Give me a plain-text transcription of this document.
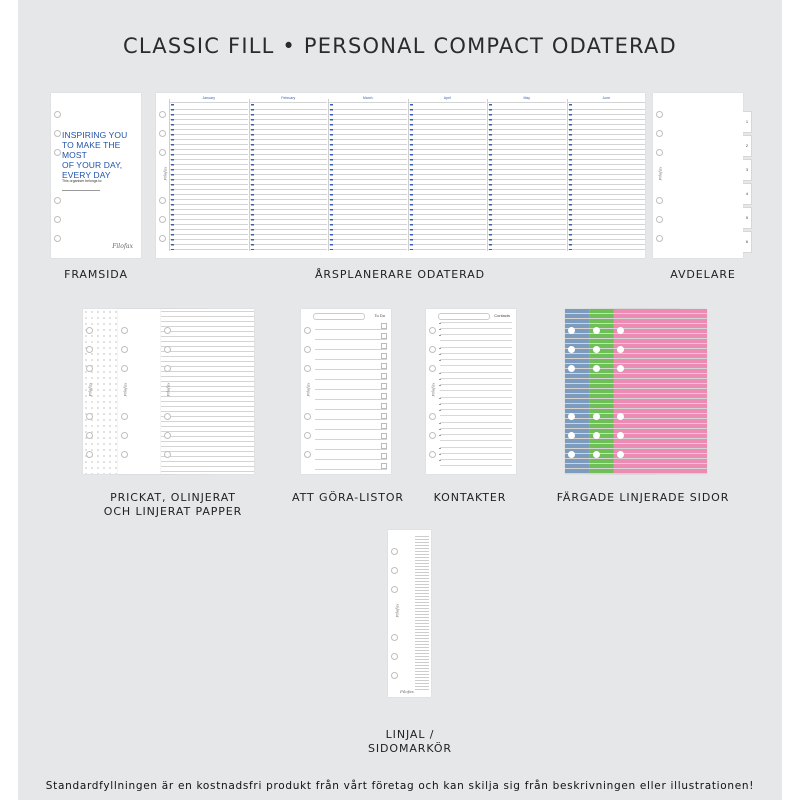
CLASSIC FILL • PERSONAL COMPACT ODATERAD
INSPIRING YOU
TO MAKE THE MOST
OF YOUR DAY,
EVERY DAY
This organiser belongs to:
Filofax
January	February	March	April	May	June
Filofax	Filofax
1
2
3
4
5
6
FRAMSIDA	ÅRSPLANERARE ODATERAD	AVDELARE
Filofax	Filofax	Filofax
To Do
Filofax
Contacts
Filofax
PRICKAT, OLINJERAT
OCH LINJERAT PAPPER
ATT GÖRA-LISTOR	KONTAKTER	FÄRGADE LINJERADE SIDOR
Filofax
Filofax
LINJAL /
SIDOMARKÖR
Standardfyllningen är en kostnadsfri produkt från vårt företag och kan skilja sig från beskrivningen eller illustrationen!
